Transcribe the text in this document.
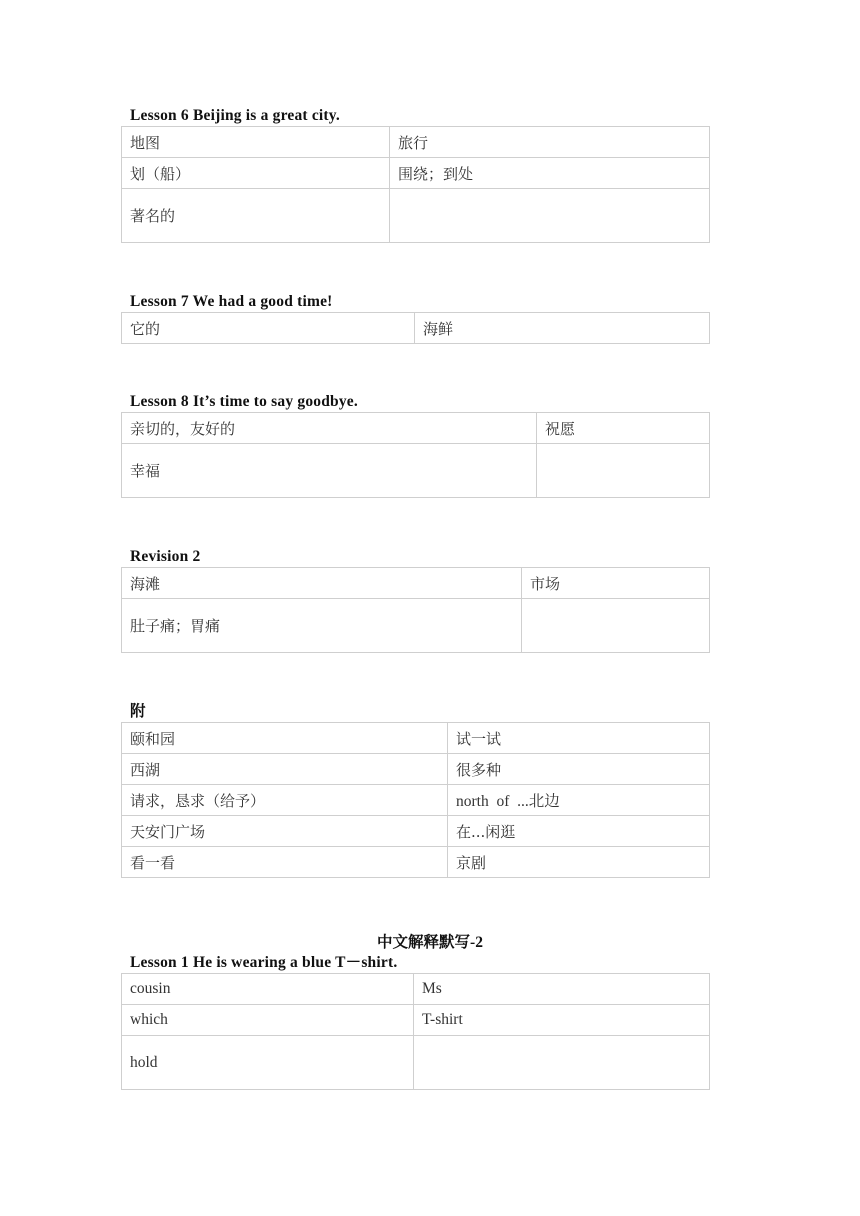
Lesson 6 Beijing is a great city.
地图	旅行
划（船）	围绕；到处
著名的	
Lesson 7 We had a good time!
它的	海鲜
Lesson 8 It’s time to say goodbye.
亲切的，友好的	祝愿
幸福	
Revision 2
海滩	市场
肚子痛；胃痛	
附
颐和园	试一试
西湖	很多种
请求，恳求（给予）	north  of  ...北边
天安门广场	在...闲逛
看一看	京剧
中文解释默写-2
Lesson 1 He is wearing a blue T－shirt.
cousin	Ms
which	T-shirt
hold	
